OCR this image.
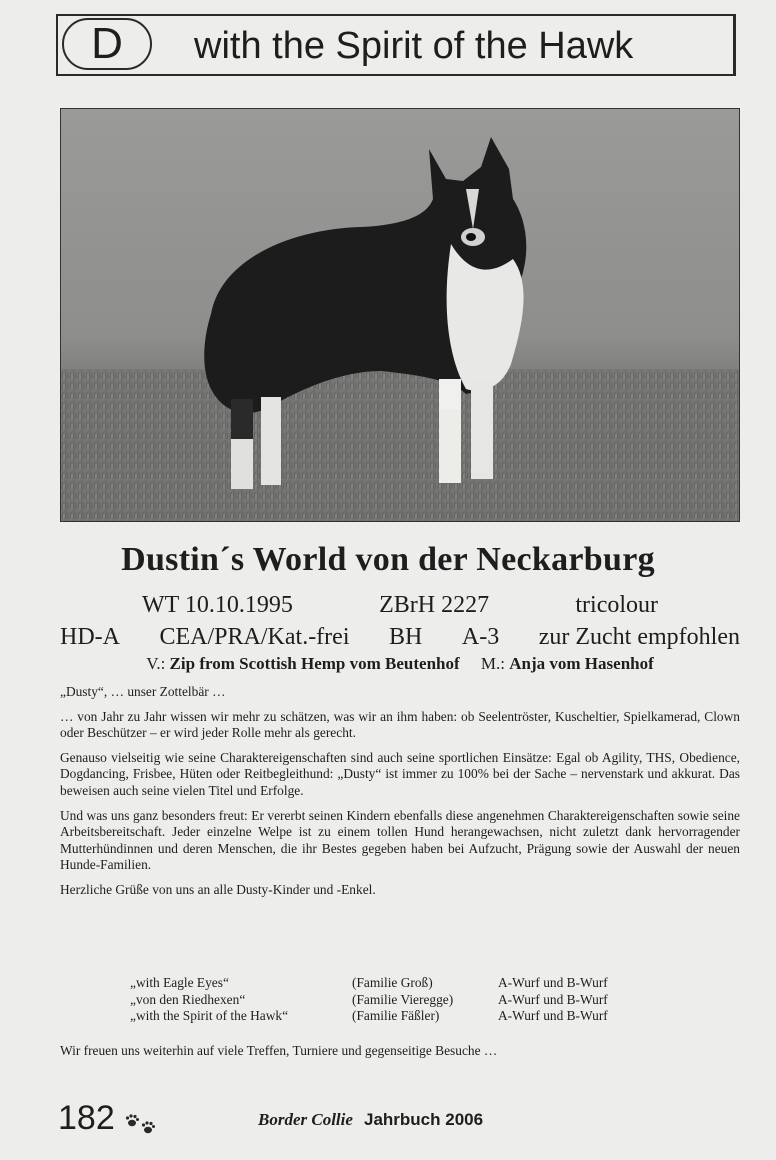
D	with the Spirit of the Hawk
Dustin´s World von der Neckarburg
WT 10.10.1995	ZBrH 2227	tricolour
HD-A CEA/PRA/Kat.-frei BH A-3 zur Zucht empfohlen
V.: Zip from Scottish Hemp vom Beutenhof M.: Anja vom Hasenhof

„Dusty“, … unser Zottelbär …

… von Jahr zu Jahr wissen wir mehr zu schätzen, was wir an ihm haben: ob Seelentröster, Kuscheltier, Spielkamerad, Clown oder Beschützer – er wird jeder Rolle mehr als gerecht.

Genauso vielseitig wie seine Charaktereigenschaften sind auch seine sportlichen Einsätze: Egal ob Agility, THS, Obedience, Dogdancing, Frisbee, Hüten oder Reitbegleithund: „Dusty“ ist immer zu 100% bei der Sache – nervenstark und akkurat. Das beweisen auch seine vielen Titel und Erfolge.

Und was uns ganz besonders freut: Er vererbt seinen Kindern ebenfalls diese angenehmen Charaktereigenschaften sowie seine Arbeitsbereitschaft. Jeder einzelne Welpe ist zu einem tollen Hund herangewachsen, nicht zuletzt dank hervorragender Mutterhündinnen und deren Menschen, die ihr Bestes gegeben haben bei Aufzucht, Prägung sowie der Auswahl der neuen Hunde-Familien.

Herzliche Grüße von uns an alle Dusty-Kinder und -Enkel.

„with Eagle Eyes“	(Familie Groß)	A-Wurf und B-Wurf
„von den Riedhexen“	(Familie Vieregge)	A-Wurf und B-Wurf
„with the Spirit of the Hawk“	(Familie Fäßler)	A-Wurf und B-Wurf
Wir freuen uns weiterhin auf viele Treffen, Turniere und gegenseitige Besuche …
182	Border Collie Jahrbuch 2006
